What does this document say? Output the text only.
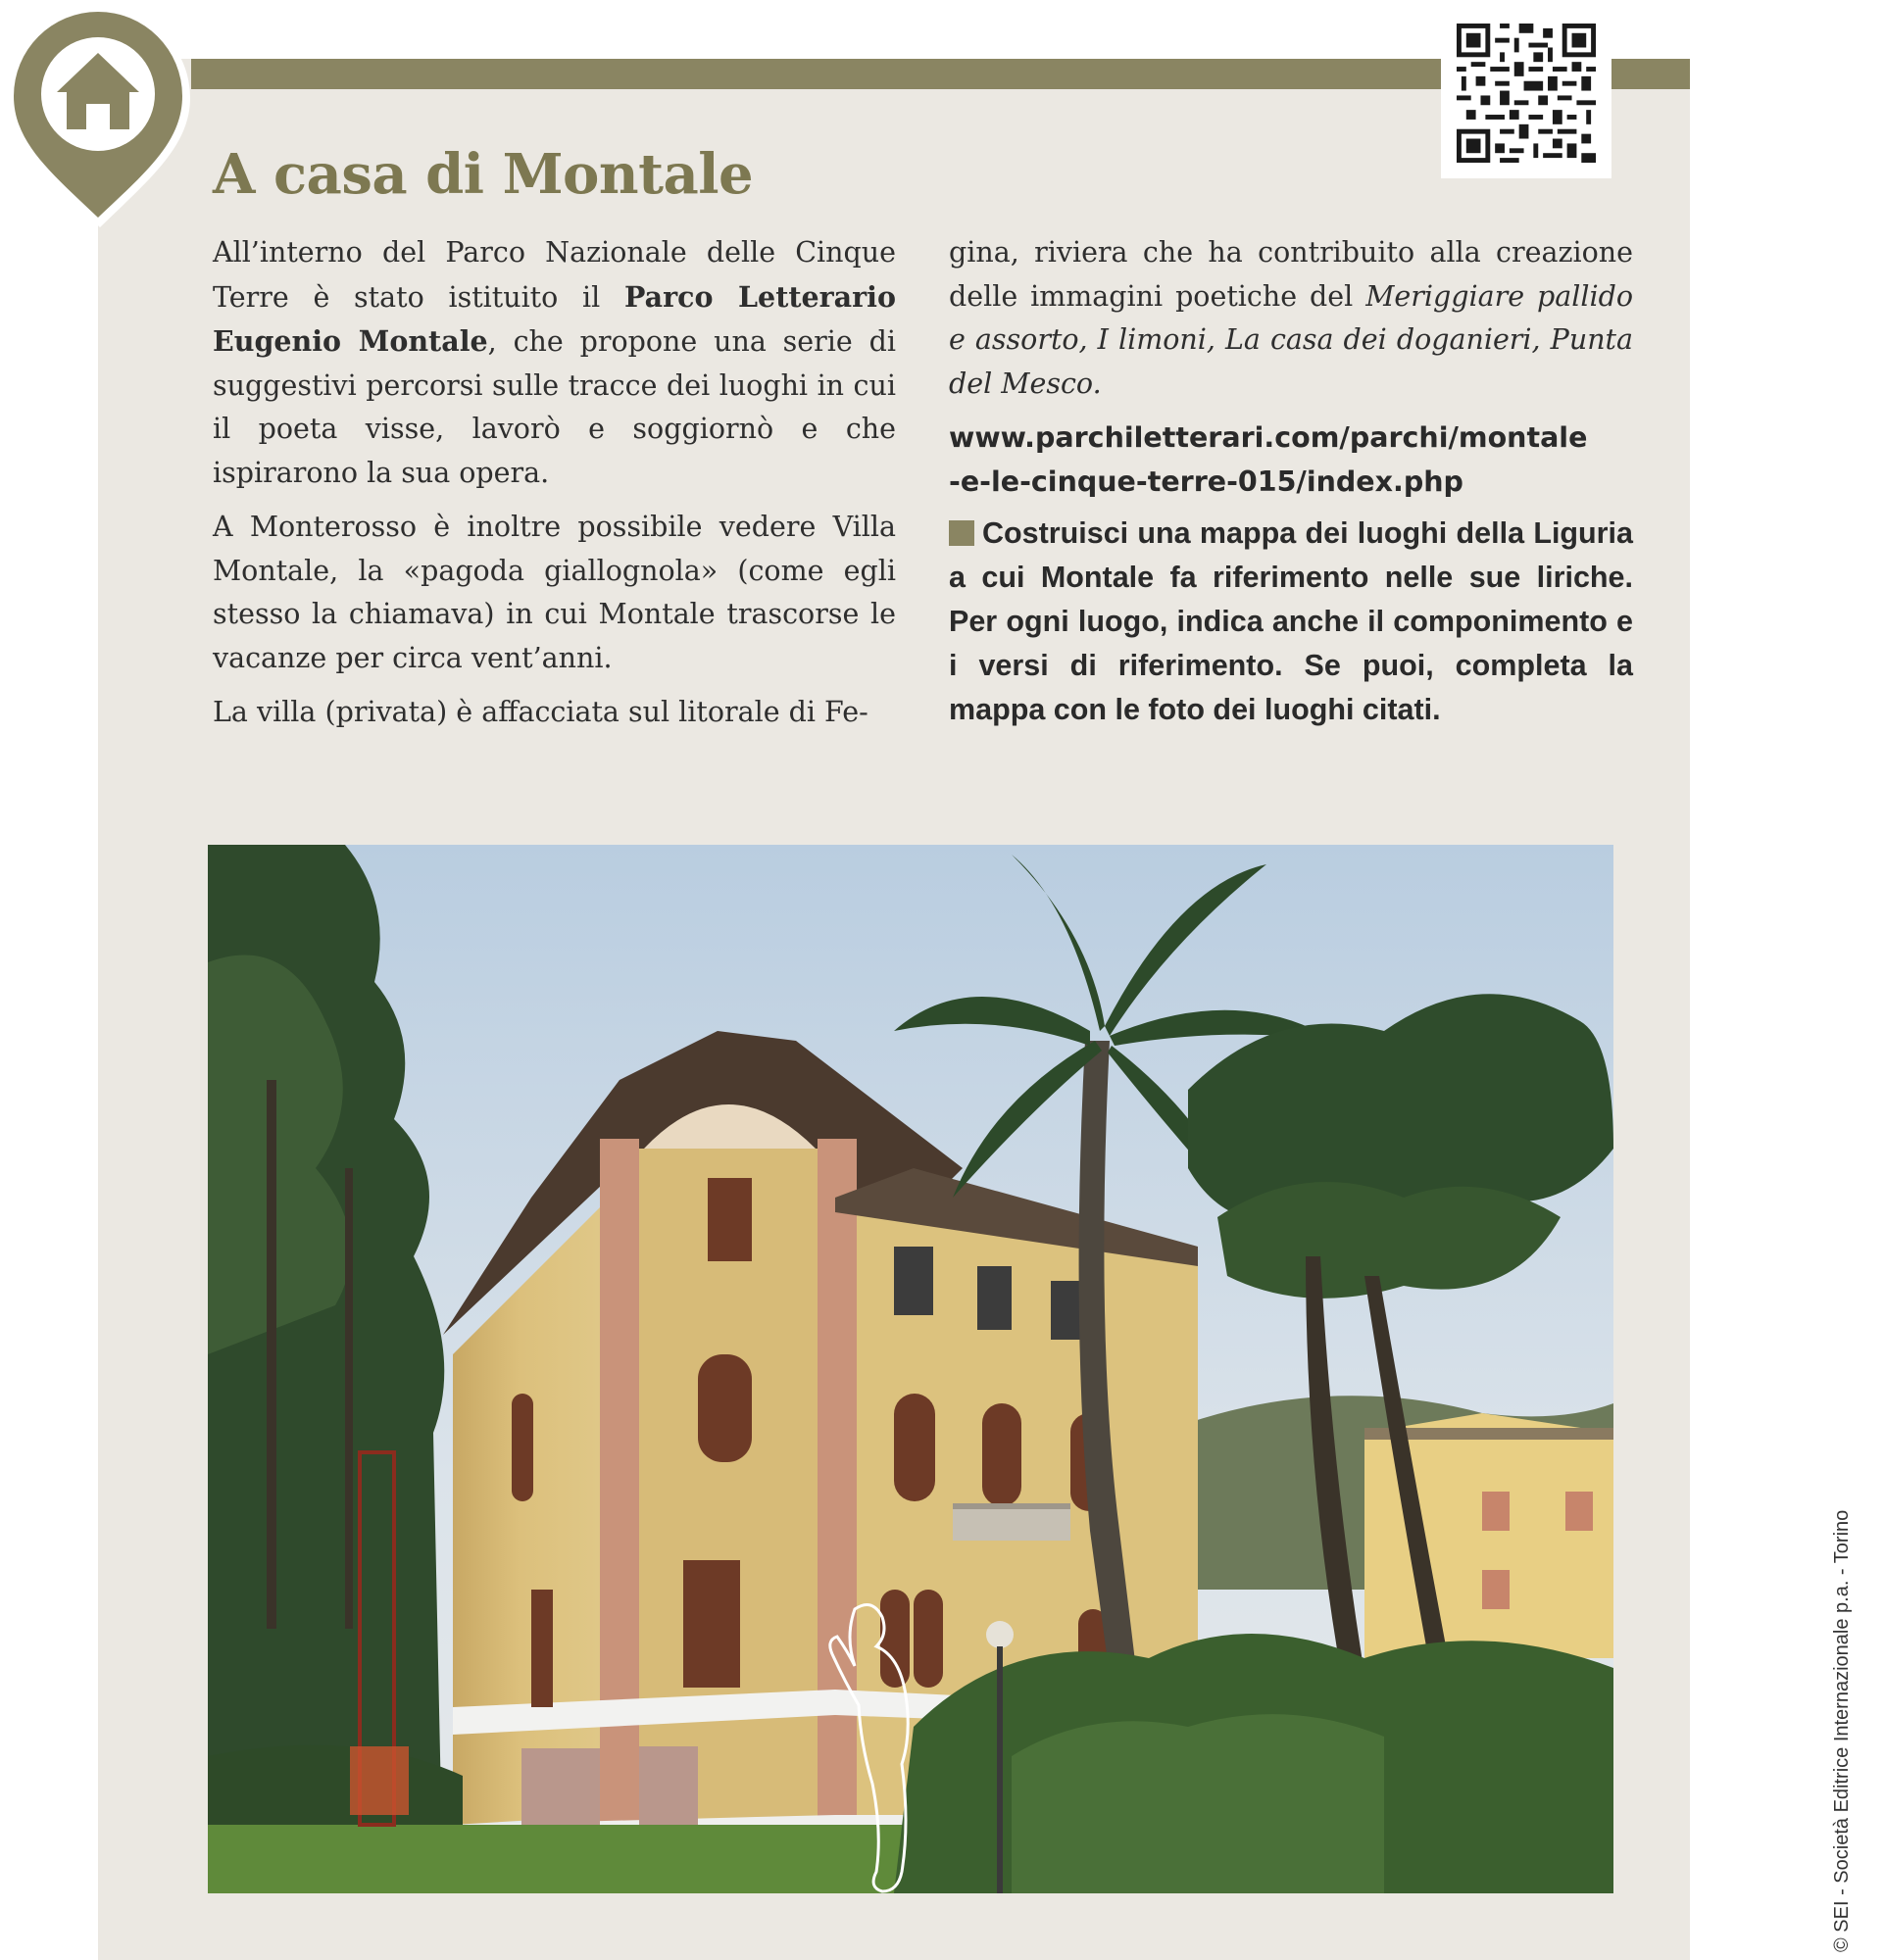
A casa di Montale

All’interno del Parco Nazionale delle Cinque Terre è stato istituito il Parco Letterario Eugenio Montale, che propone una serie di suggestivi percorsi sulle tracce dei luoghi in cui il poeta visse, lavorò e soggiornò e che ispirarono la sua opera.

A Monterosso è inoltre possibile vedere Villa Montale, la «pagoda giallognola» (come egli stesso la chiamava) in cui Montale trascorse le vacanze per circa vent’anni.

La villa (privata) è affacciata sul litorale di Fe-

gina, riviera che ha contribuito alla creazione delle immagini poetiche del Meriggiare pallido e assorto, I limoni, La casa dei doganieri, Punta del Mesco.

www.parchiletterari.com/parchi/montale
-e-le-cinque-terre-015/index.php

Costruisci una mappa dei luoghi della Liguria a cui Montale fa riferimento nelle sue liriche. Per ogni luogo, indica anche il componimento e i versi di riferimento. Se puoi, completa la mappa con le foto dei luoghi citati.

© SEI - Società Editrice Internazionale p.a. - Torino
